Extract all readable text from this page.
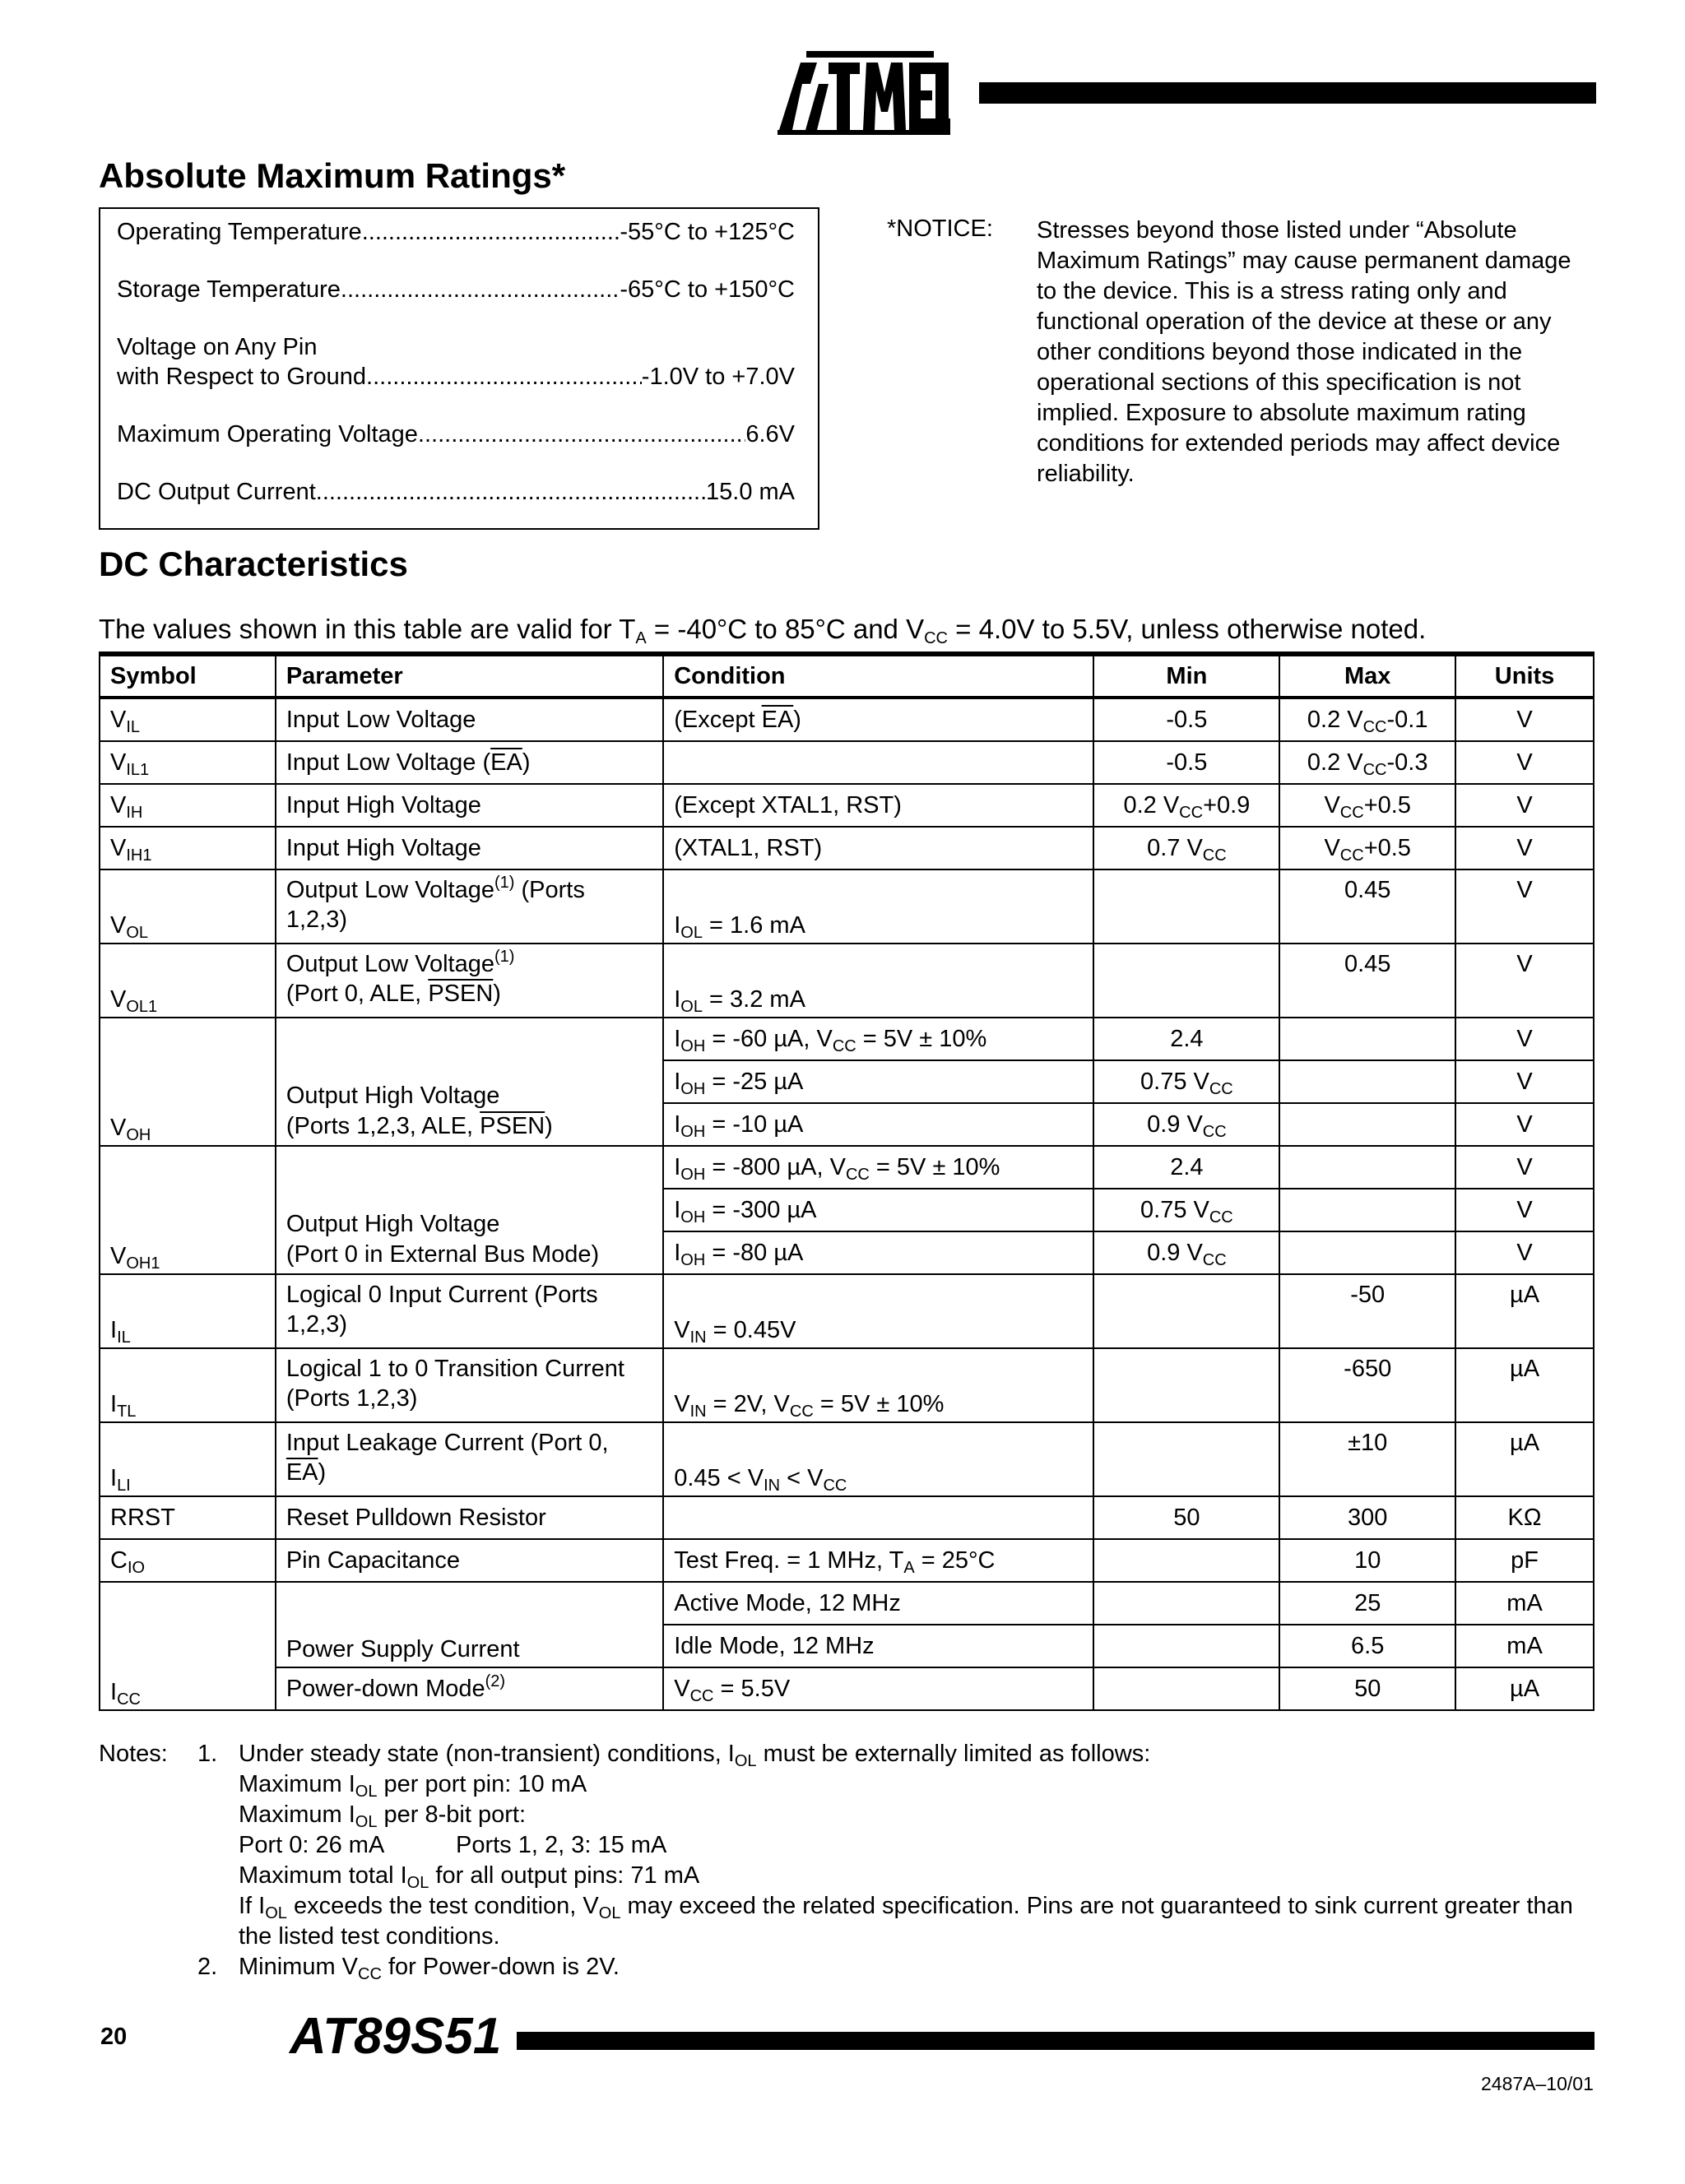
Absolute Maximum Ratings*
Operating Temperature .....	-55°C to +125°C
Storage Temperature .....	-65°C to +150°C
Voltage on Any Pin
with Respect to Ground .....	-1.0V to +7.0V
Maximum Operating Voltage .....	6.6V
DC Output Current .....	15.0 mA
*NOTICE: Stresses beyond those listed under “Absolute Maximum Ratings” may cause permanent damage to the device. This is a stress rating only and functional operation of the device at these or any other conditions beyond those indicated in the operational sections of this specification is not implied. Exposure to absolute maximum rating conditions for extended periods may affect device reliability.
DC Characteristics
The values shown in this table are valid for $T_A = -40^\circ C$ to 85°C and $V_{CC} = 4.0V$ to 5.5V, unless otherwise noted.
Symbol	Parameter	Condition	Min	Max	Units
$V_{IL}$	Input Low Voltage	(Except $\overline{EA}$)	-0.5	0.2 $V_{CC}-0.1$	V
$V_{IL1}$	Input Low Voltage $(\overline{EA})$		-0.5	0.2 $V_{CC}-0.3$	V
$V_{IH}$	Input High Voltage	(Except XTAL1, RST)	0.2 $V_{CC}+0.9$	$V_{CC}+0.5$	V
$V_{IH1}$	Input High Voltage	(XTAL1, RST)	0.7 $V_{CC}$	$V_{CC}+0.5$	V
$V_{OL}$	Output Low Voltage$^{(1)}$ (Ports
1,2,3)	$I_{OL} = 1.6$ mA		0.45	V
$V_{OL1}$	Output Low Voltage$^{(1)}$
(Port 0, ALE, PSEN)	$I_{OL} = 3.2$ mA		0.45	V
$V_{OH}$	Output High Voltage
(Ports 1,2,3, ALE, PSEN)	$I_{OH} = -60$ µA, $V_{CC} = 5V \pm 10\%$	2.4		V
		$I_{OH} = -25$ µA	0.75 $V_{CC}$		V
		$I_{OH} = -10$ µA	0.9 $V_{CC}$		V
$V_{OH1}$	Output High Voltage
(Port 0 in External Bus Mode)	$I_{OH} = -800$ µA, $V_{CC} = 5V \pm 10\%$	2.4		V
		$I_{OH} = -300$ µA	0.75 $V_{CC}$		V
		$I_{OH} = -80$ µA	0.9 $V_{CC}$		V
$I_{IL}$	Logical 0 Input Current (Ports
1,2,3)	$V_{IN} = 0.45V$		-50	µA
$I_{TL}$	Logical 1 to 0 Transition Current
(Ports 1,2,3)	$V_{IN} = 2V$, $V_{CC} = 5V \pm 10\%$		-650	µA
$I_{LI}$	Input Leakage Current (Port 0,
$\overline{EA}$)	$0.45 < V_{IN} < V_{CC}$		±10	µA
RRST	Reset Pulldown Resistor		50	300	KΩ
$C_{IO}$	Pin Capacitance	Test Freq. = 1 MHz, $T_A = 25^\circ C$		10	pF
$I_{CC}$	Power Supply Current	Active Mode, 12 MHz		25	mA
		Idle Mode, 12 MHz		6.5	mA
	Power-down Mode$^{(2)}$	$V_{CC} = 5.5V$		50	µA
Notes: 1. Under steady state (non-transient) conditions, $I_{OL}$ must be externally limited as follows:
Maximum $I_{OL}$ per port pin: 10 mA
Maximum $I_{OL}$ per 8-bit port:
Port 0: 26 mA	Ports 1, 2, 3: 15 mA
Maximum total $I_{OL}$ for all output pins: 71 mA
If $I_{OL}$ exceeds the test condition, $V_{OL}$ may exceed the related specification. Pins are not guaranteed to sink current greater than the listed test conditions.
2. Minimum $V_{CC}$ for Power-down is 2V.
20	AT89S51
2487A–10/01
